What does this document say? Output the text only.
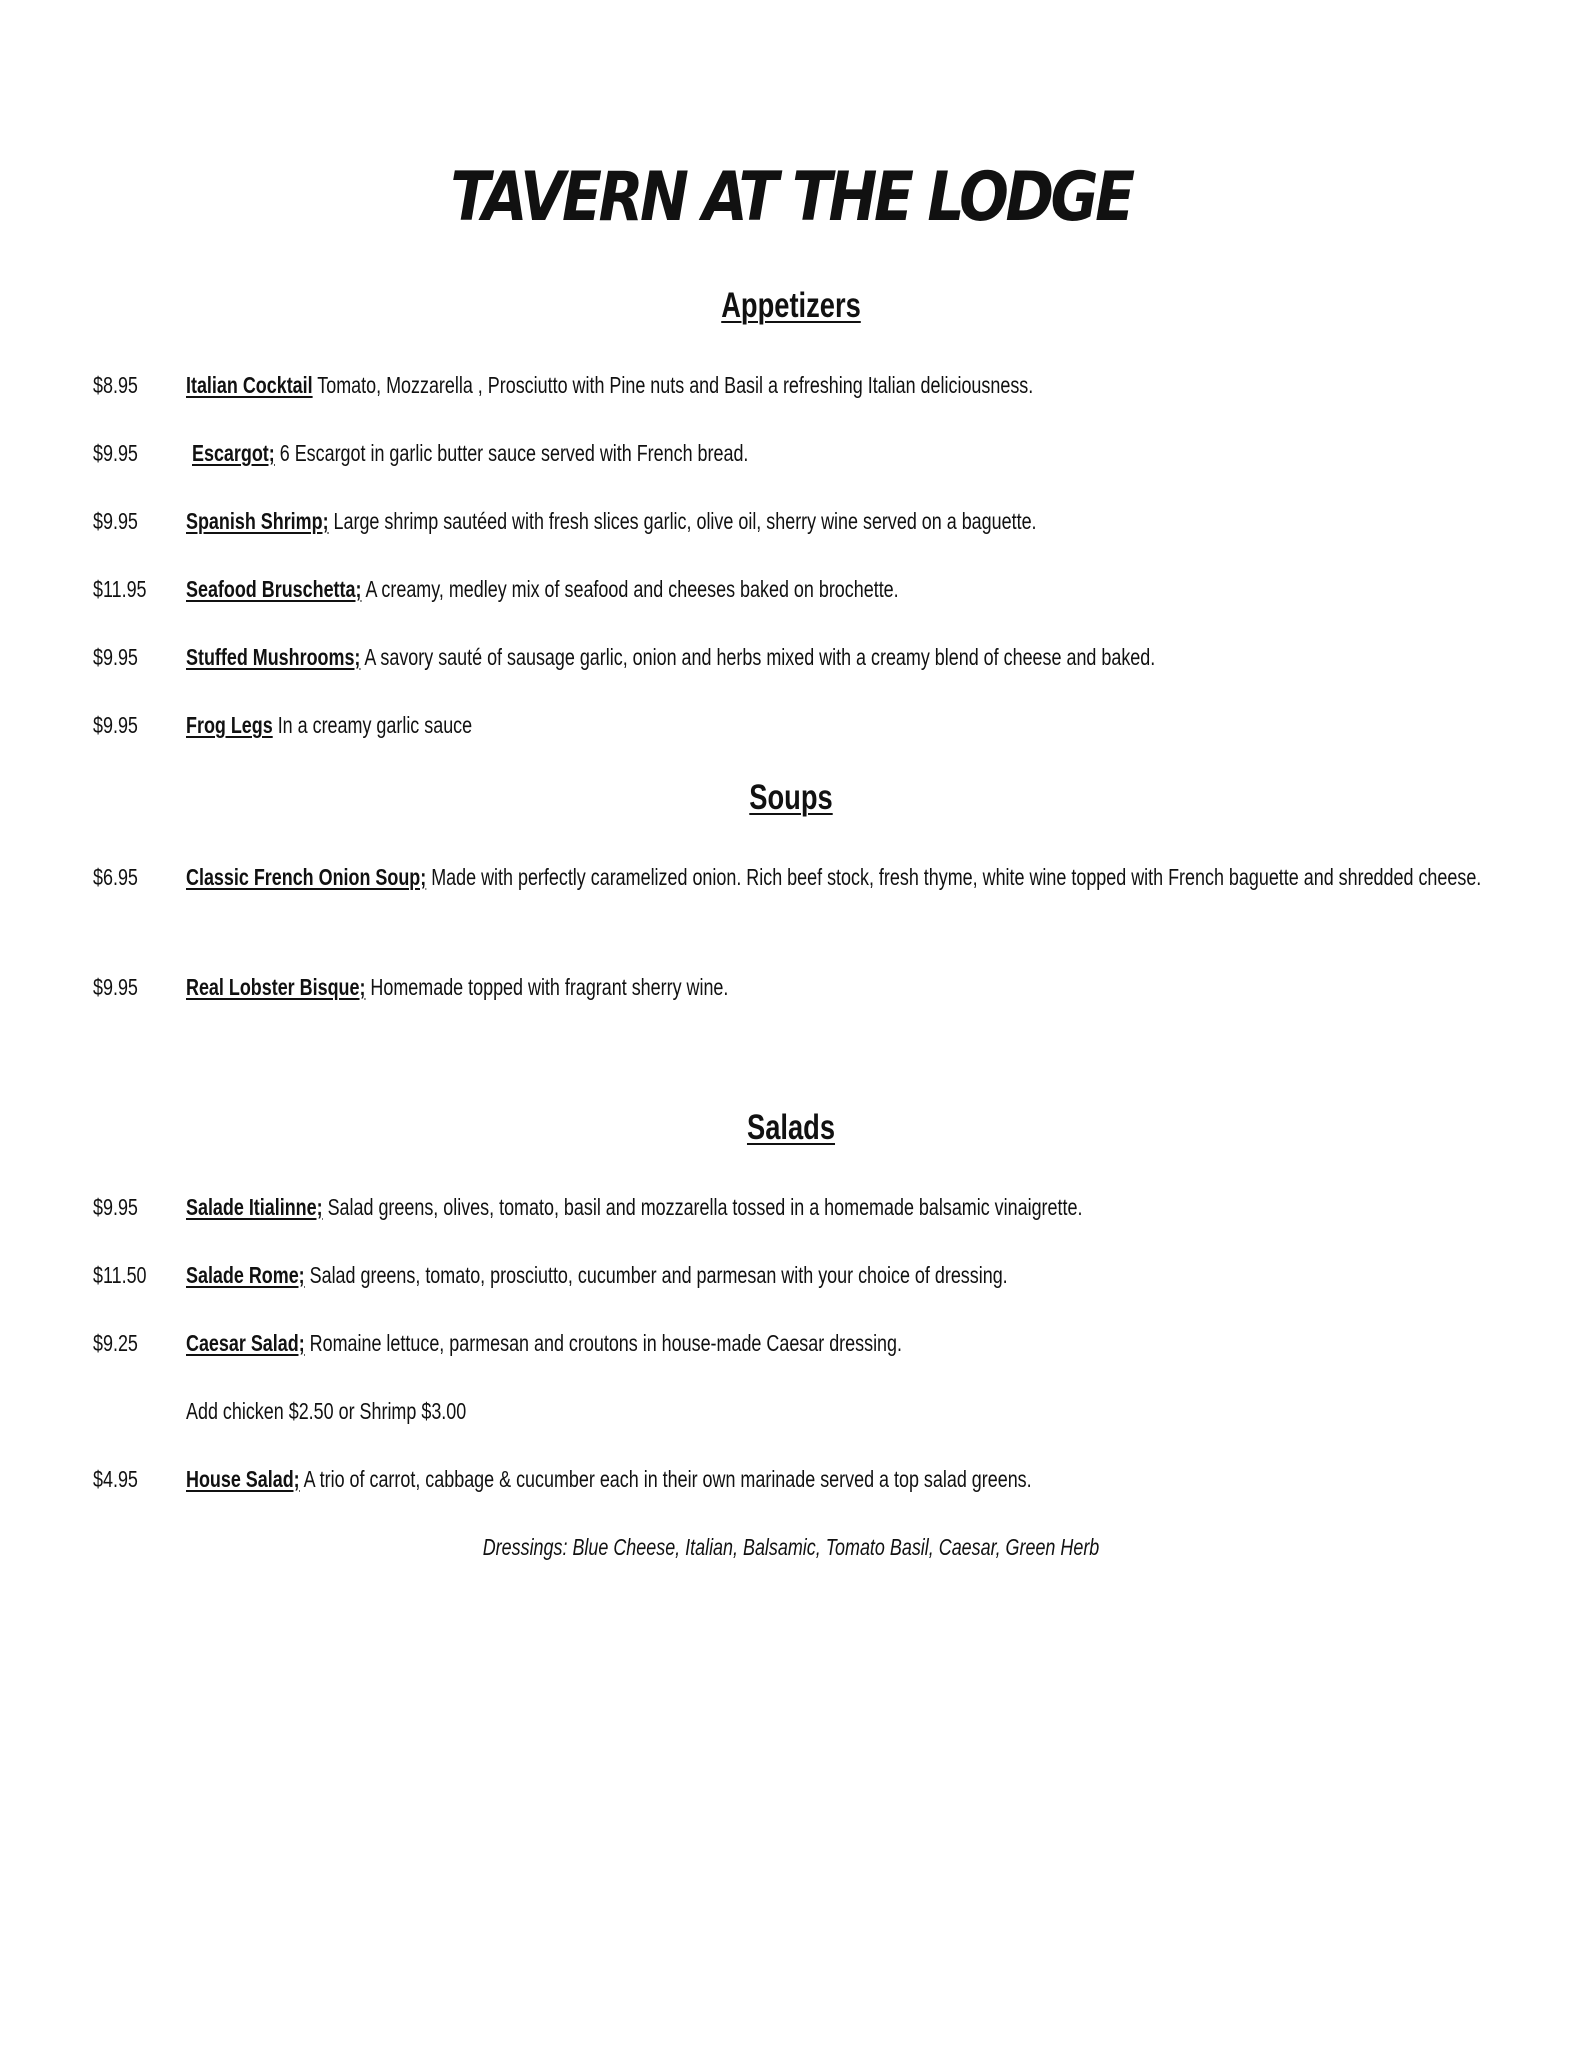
TAVERN AT THE LODGE
Appetizers
$8.95	Italian Cocktail Tomato, Mozzarella , Prosciutto with Pine nuts and Basil a refreshing Italian deliciousness.
$9.95	Escargot; 6 Escargot in garlic butter sauce served with French bread.
$9.95	Spanish Shrimp; Large shrimp sautéed with fresh slices garlic, olive oil, sherry wine served on a baguette.
$11.95	Seafood Bruschetta; A creamy, medley mix of seafood and cheeses baked on brochette.
$9.95	Stuffed Mushrooms; A savory sauté of sausage garlic, onion and herbs mixed with a creamy blend of cheese and baked.
$9.95	Frog Legs In a creamy garlic sauce
Soups
$6.95	Classic French Onion Soup; Made with perfectly caramelized onion. Rich beef stock, fresh thyme, white wine topped with French baguette and shredded cheese.
$9.95	Real Lobster Bisque; Homemade topped with fragrant sherry wine.
Salads
$9.95	Salade Itialinne; Salad greens, olives, tomato, basil and mozzarella tossed in a homemade balsamic vinaigrette.
$11.50	Salade Rome; Salad greens, tomato, prosciutto, cucumber and parmesan with your choice of dressing.
$9.25	Caesar Salad; Romaine lettuce, parmesan and croutons in house-made Caesar dressing.
Add chicken $2.50 or Shrimp $3.00
$4.95	House Salad; A trio of carrot, cabbage & cucumber each in their own marinade served a top salad greens.
Dressings: Blue Cheese, Italian, Balsamic, Tomato Basil, Caesar, Green Herb
